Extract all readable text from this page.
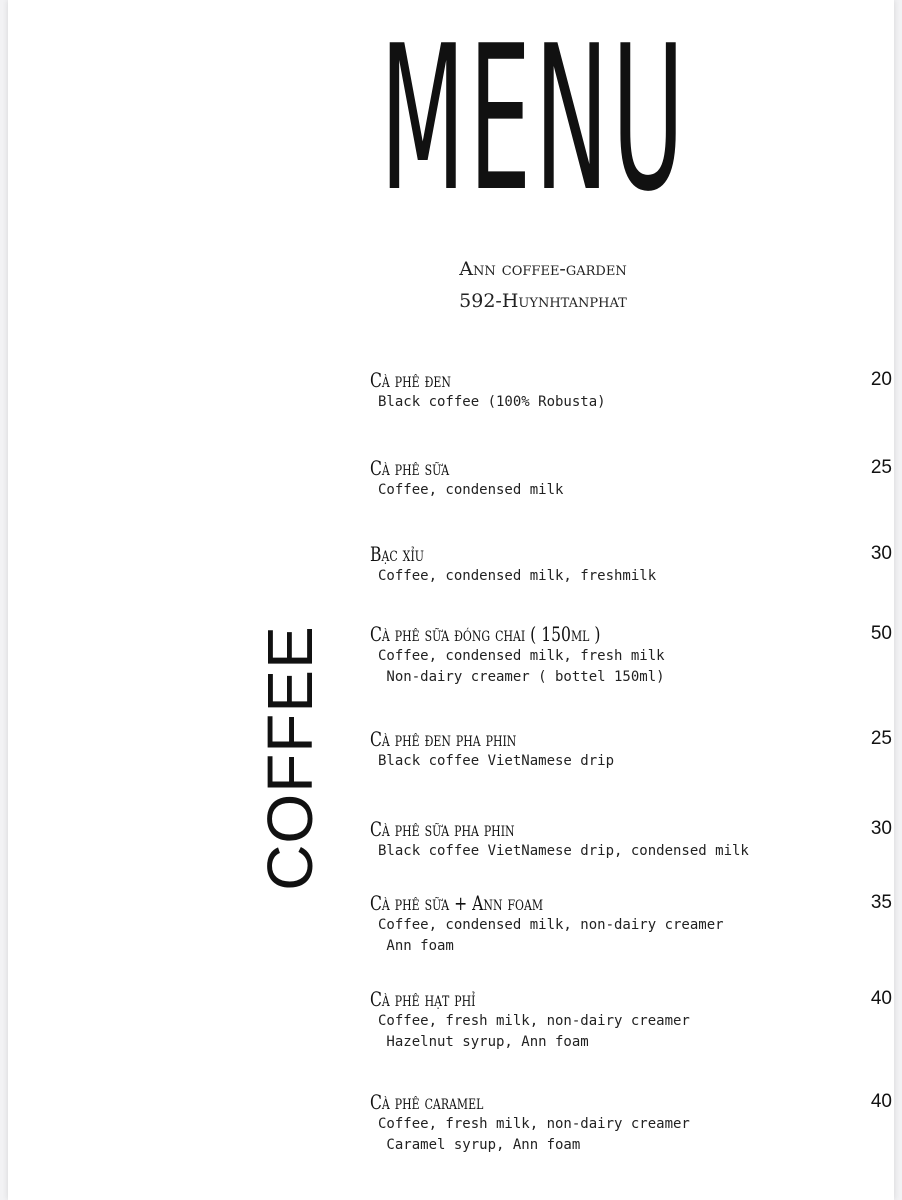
MENU
Ann coffee-garden
592-Huynhtanphat
COFFEE
Cà phê đen
Black coffee (100% Robusta)
20
Cà phê sữa
Coffee, condensed milk
25
Bạc xỉu
Coffee, condensed milk, freshmilk
30
Cà phê sữa đóng chai ( 150ml )
Coffee, condensed milk, fresh milk
Non-dairy creamer ( bottel 150ml)
50
Cà phê đen pha phin
Black coffee VietNamese drip
25
Cà phê sữa pha phin
Black coffee VietNamese drip, condensed milk
30
Cà phê sữa + Ann foam
Coffee, condensed milk, non-dairy creamer
Ann foam
35
Cà phê hạt phỉ
Coffee, fresh milk, non-dairy creamer
Hazelnut syrup, Ann foam
40
Cà phê caramel
Coffee, fresh milk, non-dairy creamer
Caramel syrup, Ann foam
40
